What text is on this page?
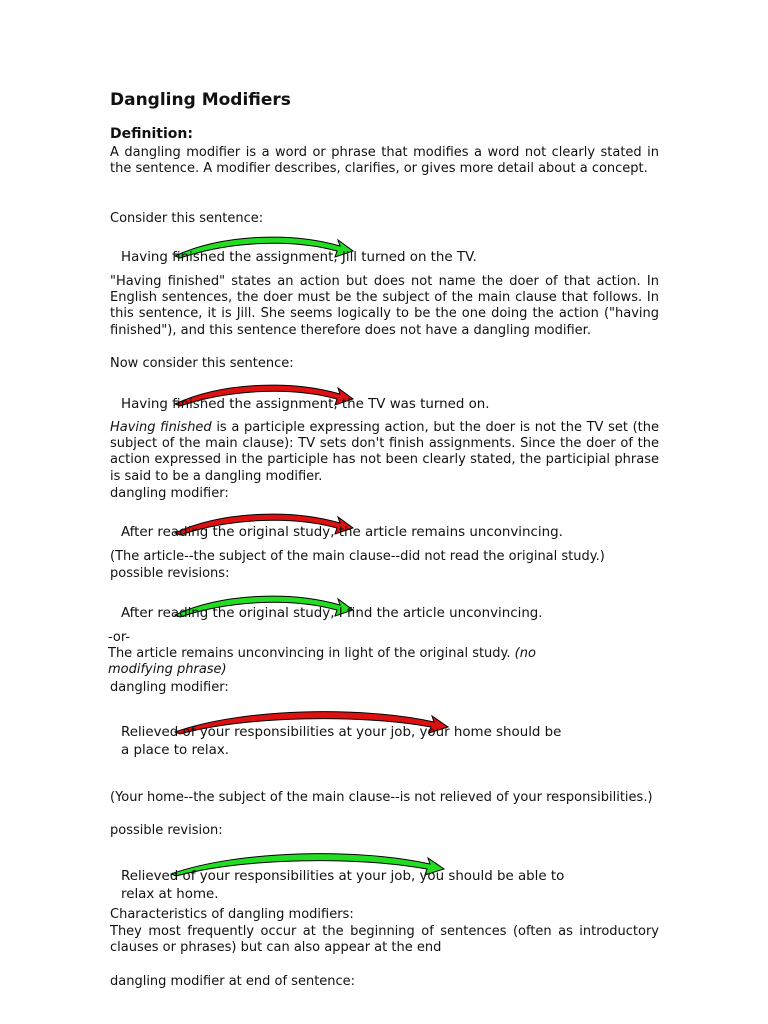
Dangling Modifiers
Definition:
A dangling modifier is a word or phrase that modifies a word not clearly stated in the sentence. A modifier describes, clarifies, or gives more detail about a concept.
Consider this sentence:
Having finished the assignment, Jill turned on the TV.
"Having finished" states an action but does not name the doer of that action. In English sentences, the doer must be the subject of the main clause that follows. In this sentence, it is Jill. She seems logically to be the one doing the action ("having finished"), and this sentence therefore does not have a dangling modifier.
Now consider this sentence:
Having finished the assignment, the TV was turned on.
Having finished is a participle expressing action, but the doer is not the TV set (the subject of the main clause): TV sets don't finish assignments. Since the doer of the action expressed in the participle has not been clearly stated, the participial phrase is said to be a dangling modifier.
dangling modifier:
After reading the original study, the article remains unconvincing.
(The article--the subject of the main clause--did not read the original study.)
possible revisions:
After reading the original study, I find the article unconvincing.
-or-
The article remains unconvincing in light of the original study. (no modifying phrase)
dangling modifier:
Relieved of your responsibilities at your job, your home should be
a place to relax.
(Your home--the subject of the main clause--is not relieved of your responsibilities.)
possible revision:
Relieved of your responsibilities at your job, you should be able to
relax at home.
Characteristics of dangling modifiers:
They most frequently occur at the beginning of sentences (often as introductory clauses or phrases) but can also appear at the end
dangling modifier at end of sentence:
